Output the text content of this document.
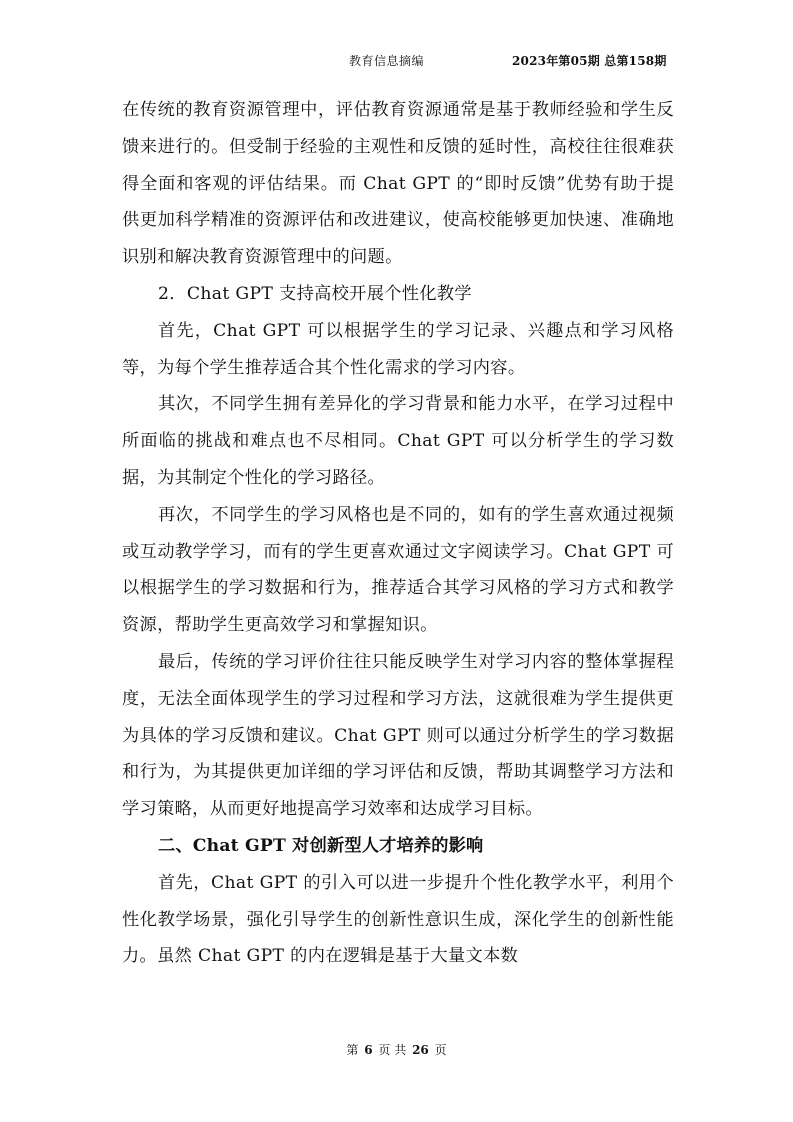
教育信息摘编	2023年第05期 总第158期

在传统的教育资源管理中，评估教育资源通常是基于教师经验和学生反馈来进行的。但受制于经验的主观性和反馈的延时性，高校往往很难获得全面和客观的评估结果。而 Chat GPT 的“即时反馈”优势有助于提供更加科学精准的资源评估和改进建议，使高校能够更加快速、准确地识别和解决教育资源管理中的问题。

2．Chat GPT 支持高校开展个性化教学

首先，Chat GPT 可以根据学生的学习记录、兴趣点和学习风格等，为每个学生推荐适合其个性化需求的学习内容。

其次，不同学生拥有差异化的学习背景和能力水平，在学习过程中所面临的挑战和难点也不尽相同。Chat GPT 可以分析学生的学习数据，为其制定个性化的学习路径。

再次，不同学生的学习风格也是不同的，如有的学生喜欢通过视频或互动教学学习，而有的学生更喜欢通过文字阅读学习。Chat GPT 可以根据学生的学习数据和行为，推荐适合其学习风格的学习方式和教学资源，帮助学生更高效学习和掌握知识。

最后，传统的学习评价往往只能反映学生对学习内容的整体掌握程度，无法全面体现学生的学习过程和学习方法，这就很难为学生提供更为具体的学习反馈和建议。Chat GPT 则可以通过分析学生的学习数据和行为，为其提供更加详细的学习评估和反馈，帮助其调整学习方法和学习策略，从而更好地提高学习效率和达成学习目标。

二、Chat GPT 对创新型人才培养的影响

首先，Chat GPT 的引入可以进一步提升个性化教学水平，利用个性化教学场景，强化引导学生的创新性意识生成，深化学生的创新性能力。虽然 Chat GPT 的内在逻辑是基于大量文本数

第 6 页 共 26 页
